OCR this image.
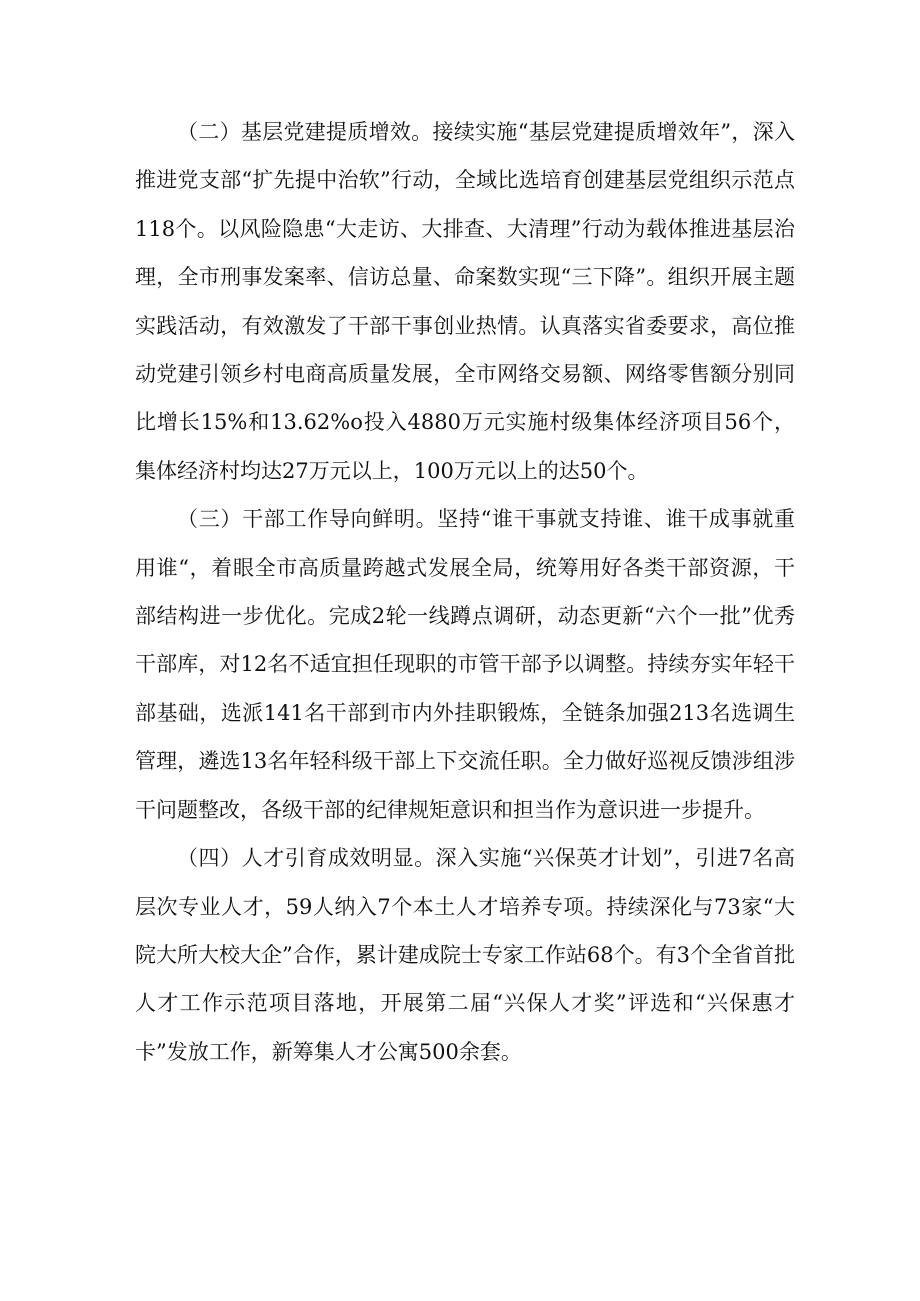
（二）基层党建提质增效。接续实施“基层党建提质增效年”，深入推进党支部“扩先提中治软”行动，全域比选培育创建基层党组织示范点118个。以风险隐患“大走访、大排查、大清理”行动为载体推进基层治理，全市刑事发案率、信访总量、命案数实现“三下降”。组织开展主题实践活动，有效激发了干部干事创业热情。认真落实省委要求，高位推动党建引领乡村电商高质量发展，全市网络交易额、网络零售额分别同比增长15%和13.62%o投入4880万元实施村级集体经济项目56个，集体经济村均达27万元以上，100万元以上的达50个。

（三）干部工作导向鲜明。坚持“谁干事就支持谁、谁干成事就重用谁“，着眼全市高质量跨越式发展全局，统筹用好各类干部资源，干部结构进一步优化。完成2轮一线蹲点调研，动态更新“六个一批”优秀干部库，对12名不适宜担任现职的市管干部予以调整。持续夯实年轻干部基础，选派141名干部到市内外挂职锻炼，全链条加强213名选调生管理，遴选13名年轻科级干部上下交流任职。全力做好巡视反馈涉组涉干问题整改，各级干部的纪律规矩意识和担当作为意识进一步提升。

（四）人才引育成效明显。深入实施“兴保英才计划”，引进7名高层次专业人才，59人纳入7个本土人才培养专项。持续深化与73家“大院大所大校大企”合作，累计建成院士专家工作站68个。有3个全省首批人才工作示范项目落地，开展第二届“兴保人才奖”评选和“兴保惠才卡”发放工作，新筹集人才公寓500余套。
